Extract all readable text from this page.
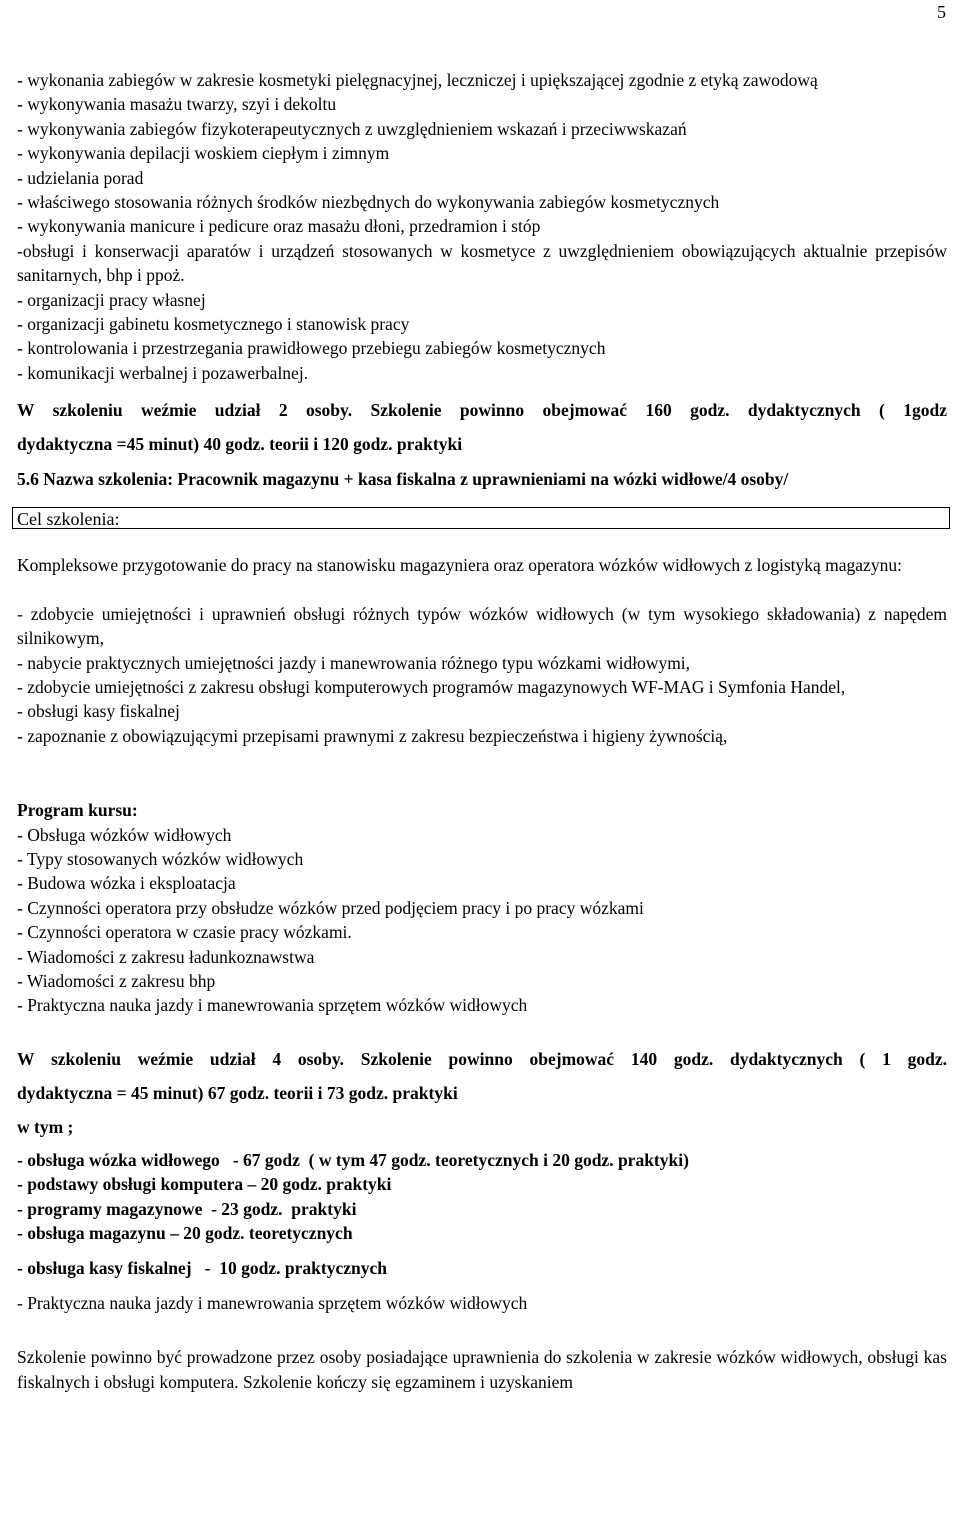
5
- wykonania zabiegów w zakresie kosmetyki pielęgnacyjnej, leczniczej i upiększającej zgodnie z etyką zawodową
- wykonywania masażu twarzy, szyi i dekoltu
- wykonywania zabiegów fizykoterapeutycznych z uwzględnieniem wskazań i przeciwwskazań
- wykonywania depilacji woskiem ciepłym i zimnym
- udzielania porad
- właściwego stosowania różnych środków niezbędnych do wykonywania zabiegów kosmetycznych
- wykonywania manicure i pedicure oraz masażu dłoni, przedramion i stóp
-obsługi i konserwacji aparatów i urządzeń stosowanych w kosmetyce z uwzględnieniem obowiązujących aktualnie przepisów sanitarnych, bhp i ppoż.
- organizacji pracy własnej
- organizacji gabinetu kosmetycznego i stanowisk pracy
- kontrolowania i przestrzegania prawidłowego przebiegu zabiegów kosmetycznych
- komunikacji werbalnej i pozawerbalnej.
W szkoleniu weźmie udział 2 osoby. Szkolenie powinno obejmować 160 godz. dydaktycznych ( 1godz
dydaktyczna =45 minut) 40 godz. teorii i 120 godz. praktyki
5.6 Nazwa szkolenia: Pracownik magazynu + kasa fiskalna z uprawnieniami na wózki widłowe/4 osoby/
Cel szkolenia:
Kompleksowe przygotowanie do pracy na stanowisku magazyniera oraz operatora wózków widłowych z logistyką magazynu:
- zdobycie umiejętności i uprawnień obsługi różnych typów wózków widłowych (w tym wysokiego składowania) z napędem silnikowym,
- nabycie praktycznych umiejętności jazdy i manewrowania różnego typu wózkami widłowymi,
- zdobycie umiejętności z zakresu obsługi komputerowych programów magazynowych WF-MAG i Symfonia Handel,
- obsługi kasy fiskalnej
- zapoznanie z obowiązującymi przepisami prawnymi z zakresu bezpieczeństwa i higieny żywnością,
Program kursu:
- Obsługa wózków widłowych
- Typy stosowanych wózków widłowych
- Budowa wózka i eksploatacja
- Czynności operatora przy obsłudze wózków przed podjęciem pracy i po pracy wózkami
- Czynności operatora w czasie pracy wózkami.
- Wiadomości z zakresu ładunkoznawstwa
- Wiadomości z zakresu bhp
- Praktyczna nauka jazdy i manewrowania sprzętem wózków widłowych
W szkoleniu weźmie udział 4 osoby. Szkolenie powinno obejmować 140 godz. dydaktycznych ( 1 godz.
dydaktyczna = 45 minut) 67 godz. teorii i 73 godz. praktyki
w tym ;
- obsługa wózka widłowego   - 67 godz  ( w tym 47 godz. teoretycznych i 20 godz. praktyki)
- podstawy obsługi komputera – 20 godz. praktyki
- programy magazynowe  - 23 godz.  praktyki
- obsługa magazynu – 20 godz. teoretycznych
- obsługa kasy fiskalnej   -  10 godz. praktycznych
- Praktyczna nauka jazdy i manewrowania sprzętem wózków widłowych
Szkolenie powinno być prowadzone przez osoby posiadające uprawnienia do szkolenia w zakresie wózków widłowych, obsługi kas fiskalnych i obsługi komputera. Szkolenie kończy się egzaminem i uzyskaniem
